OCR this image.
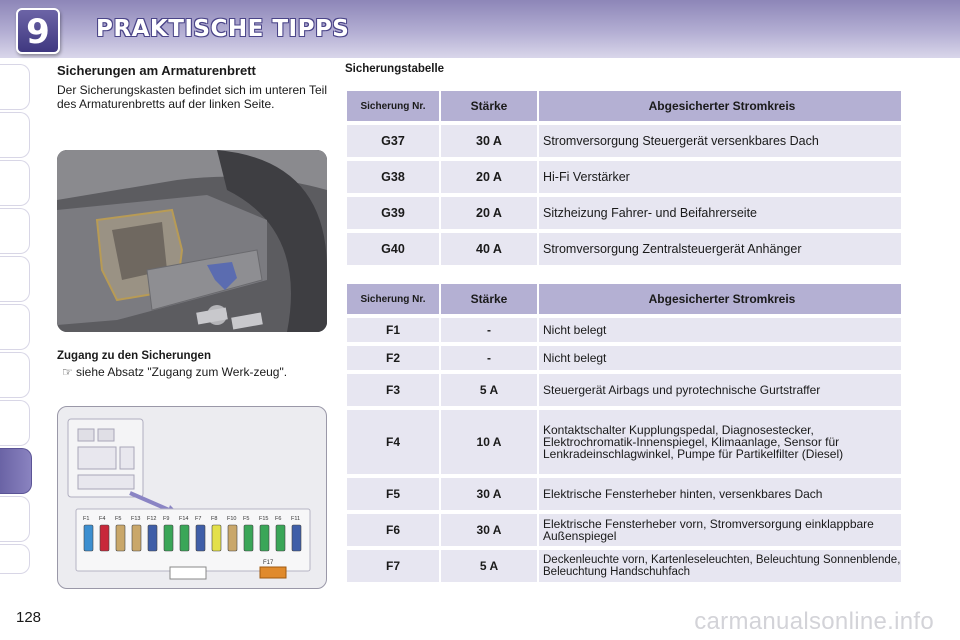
9	PRAKTISCHE TIPPS
Sicherungen am Armaturenbrett
Der Sicherungskasten befindet sich im unteren Teil des Armaturenbretts auf der linken Seite.
Zugang zu den Sicherungen
☞ siehe Absatz "Zugang zum Werk-zeug".
F1 F4 F5 F13 F12 F9 F14 F7 F8 F10 F5 F15 F6 F11
F17
Sicherungstabelle
Sicherung Nr.	Stärke	Abgesicherter Stromkreis
G37	30 A	Stromversorgung Steuergerät versenkbares Dach
G38	20 A	Hi-Fi Verstärker
G39	20 A	Sitzheizung Fahrer- und Beifahrerseite
G40	40 A	Stromversorgung Zentralsteuergerät Anhänger
Sicherung Nr.	Stärke	Abgesicherter Stromkreis
F1	-	Nicht belegt
F2	-	Nicht belegt
F3	5 A	Steuergerät Airbags und pyrotechnische Gurtstraffer
F4	10 A	Kontaktschalter Kupplungspedal, Diagnosestecker, Elektrochromatik-Innenspiegel, Klimaanlage, Sensor für Lenkradeinschlagwinkel, Pumpe für Partikelfilter (Diesel)
F5	30 A	Elektrische Fensterheber hinten, versenkbares Dach
F6	30 A	Elektrische Fensterheber vorn, Stromversorgung einklappbare Außenspiegel
F7	5 A	Deckenleuchte vorn, Kartenleseleuchten, Beleuchtung Sonnenblende, Beleuchtung Handschuhfach
128	carmanualsonline.info
